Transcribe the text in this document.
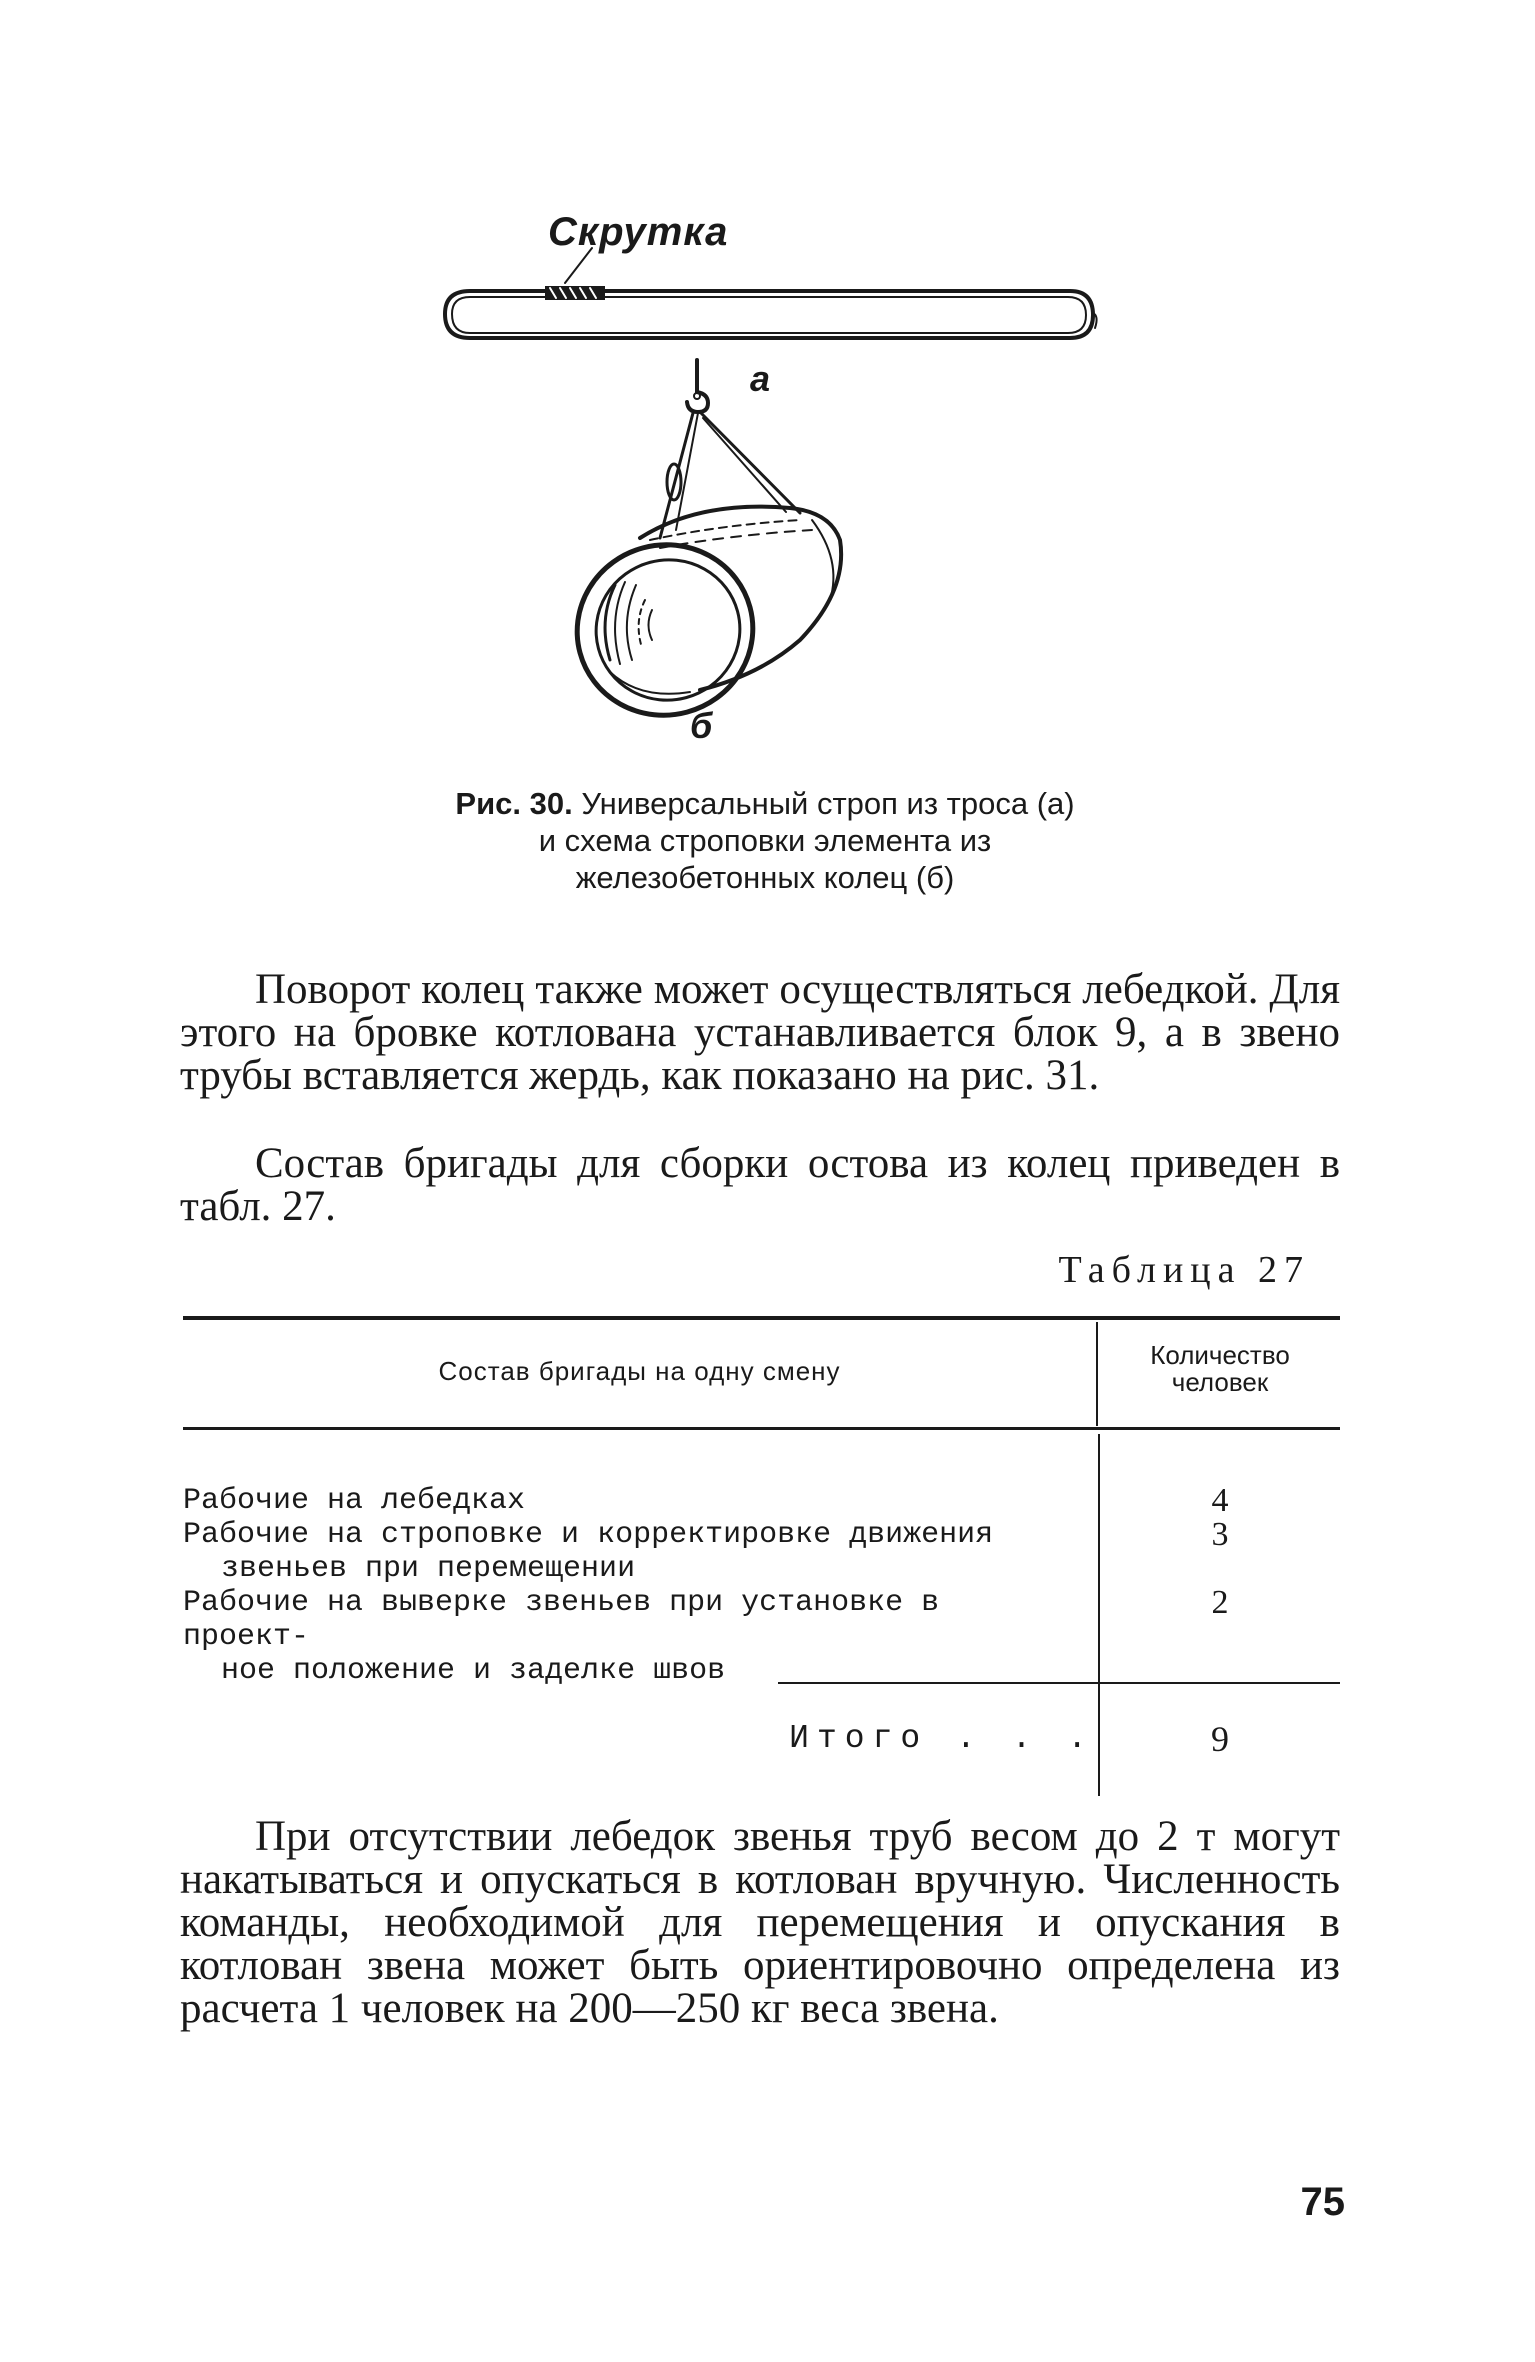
Скрутка
а
б
Рис. 30. Универсальный строп из троса (а) и схема строповки элемента из железобетонных колец (б)
Поворот колец также может осуществляться лебедкой. Для этого на бровке котлована устанавливается блок 9, а в звено трубы вставляется жердь, как показано на рис. 31.
Состав бригады для сборки остова из колец приведен в табл. 27.
Таблица 27
Состав бригады на одну смену
Количество
человек
Рабочие на лебедках	4
Рабочие на строповке и корректировке движения
звеньев при перемещении
3
Рабочие на выверке звеньев при установке в проект-
ное положение и заделке швов
2
Итого . . .	9
При отсутствии лебедок звенья труб весом до 2 т могут накатываться и опускаться в котлован вручную. Численность команды, необходимой для перемещения и опускания в котлован звена может быть ориентировочно определена из расчета 1 человек на 200—250 кг веса звена.
75
